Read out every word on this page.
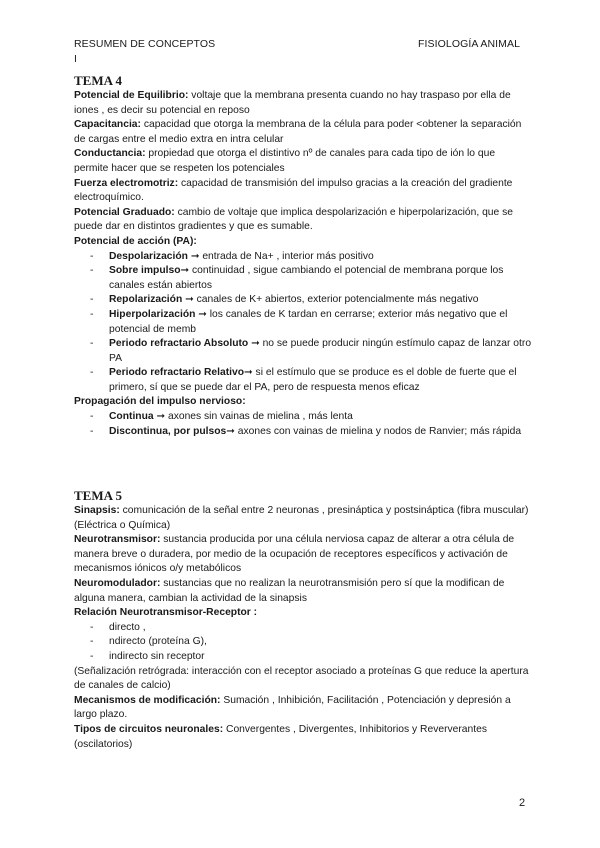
RESUMEN DE CONCEPTOS	FISIOLOGÍA ANIMAL
I
TEMA 4

Potencial de Equilibrio: voltaje que la membrana presenta cuando no hay traspaso por ella de iones , es decir su potencial en reposo

Capacitancia: capacidad que otorga la membrana de la célula para poder <obtener la separación de cargas entre el medio extra en intra celular

Conductancia: propiedad que otorga el distintivo nº de canales para cada tipo de ión lo que permite hacer que se respeten los potenciales

Fuerza electromotriz: capacidad de transmisión del impulso gracias a la creación del gradiente electroquímico.

Potencial Graduado: cambio de voltaje que implica despolarización e hiperpolarización, que se puede dar en distintos gradientes y que es sumable.

Potencial de acción (PA):

- Despolarización ➞ entrada de Na+ , interior más positivo
- Sobre impulso➞ continuidad , sigue cambiando el potencial de membrana porque los canales están abiertos
- Repolarización ➞ canales de K+ abiertos, exterior potencialmente más negativo
- Hiperpolarización ➞ los canales de K tardan en cerrarse; exterior más negativo que el potencial de memb
- Periodo refractario Absoluto ➞ no se puede producir ningún estímulo capaz de lanzar otro PA
- Periodo refractario Relativo➞ si el estímulo que se produce es el doble de fuerte que el primero, sí que se puede dar el PA, pero de respuesta menos eficaz

Propagación del impulso nervioso:

- Continua ➞ axones sin vainas de mielina , más lenta
- Discontinua, por pulsos➞ axones con vainas de mielina y nodos de Ranvier; más rápida
TEMA 5

Sinapsis: comunicación de la señal entre 2 neuronas , presináptica y postsináptica (fibra muscular) (Eléctrica o Química)

Neurotransmisor: sustancia producida por una célula nerviosa capaz de alterar a otra célula de manera breve o duradera, por medio de la ocupación de receptores específicos y activación de mecanismos iónicos o/y metabólicos

Neuromodulador: sustancias que no realizan la neurotransmisión pero sí que la modifican de alguna manera, cambian la actividad de la sinapsis

Relación Neurotransmisor-Receptor :

- directo ,
- ndirecto (proteína G),
- indirecto sin receptor

(Señalización retrógrada: interacción con el receptor asociado a proteínas G que reduce la apertura de canales de calcio)

Mecanismos de modificación: Sumación , Inhibición, Facilitación , Potenciación y depresión a largo plazo.

Tipos de circuitos neuronales: Convergentes , Divergentes, Inhibitorios y Reververantes (oscilatorios)

2
